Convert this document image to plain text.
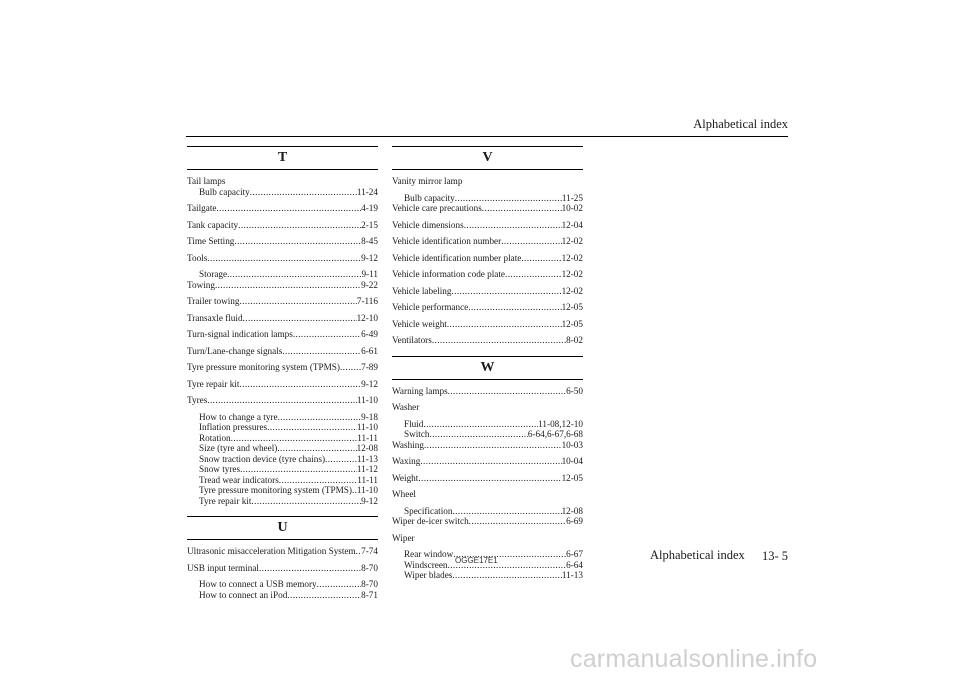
Alphabetical index
T
Tail lamps
Bulb capacity .....	11-24
Tailgate .....	4-19
Tank capacity .....	2-15
Time Setting .....	8-45
Tools .....	9-12
Storage .....	9-11
Towing .....	9-22
Trailer towing .....	7-116
Transaxle fluid .....	12-10
Turn-signal indication lamps .....	6-49
Turn/Lane-change signals .....	6-61
Tyre pressure monitoring system (TPMS) ..... 7-89
Tyre repair kit .....	9-12
Tyres .....	11-10
How to change a tyre .....	9-18
Inflation pressures .....	11-10
Rotation .....	11-11
Size (tyre and wheel) .....	12-08
Snow traction device (tyre chains) .....	11-13
Snow tyres .....	11-12
Tread wear indicators .....	11-11
Tyre pressure monitoring system (TPMS) ..... 11-10
Tyre repair kit .....	9-12
U
Ultrasonic misacceleration Mitigation System ..... 7-74
USB input terminal .....	8-70
How to connect a USB memory .....	8-70
How to connect an iPod .....	8-71
V
Vanity mirror lamp
Bulb capacity .....	11-25
Vehicle care precautions .....	10-02
Vehicle dimensions .....	12-04
Vehicle identification number .....	12-02
Vehicle identification number plate .....	12-02
Vehicle information code plate .....	12-02
Vehicle labeling .....	12-02
Vehicle performance .....	12-05
Vehicle weight .....	12-05
Ventilators .....	8-02
W
Warning lamps .....	6-50
Washer
Fluid .....	11-08,12-10
Switch .....	6-64,6-67,6-68
Washing .....	10-03
Waxing .....	10-04
Weight .....	12-05
Wheel
Specification .....	12-08
Wiper de-icer switch .....	6-69
Wiper
Rear window .....	6-67
Windscreen .....	6-64
Wiper blades .....	11-13
OGGE17E1	Alphabetical index 13- 5
carmanualsonline.info
